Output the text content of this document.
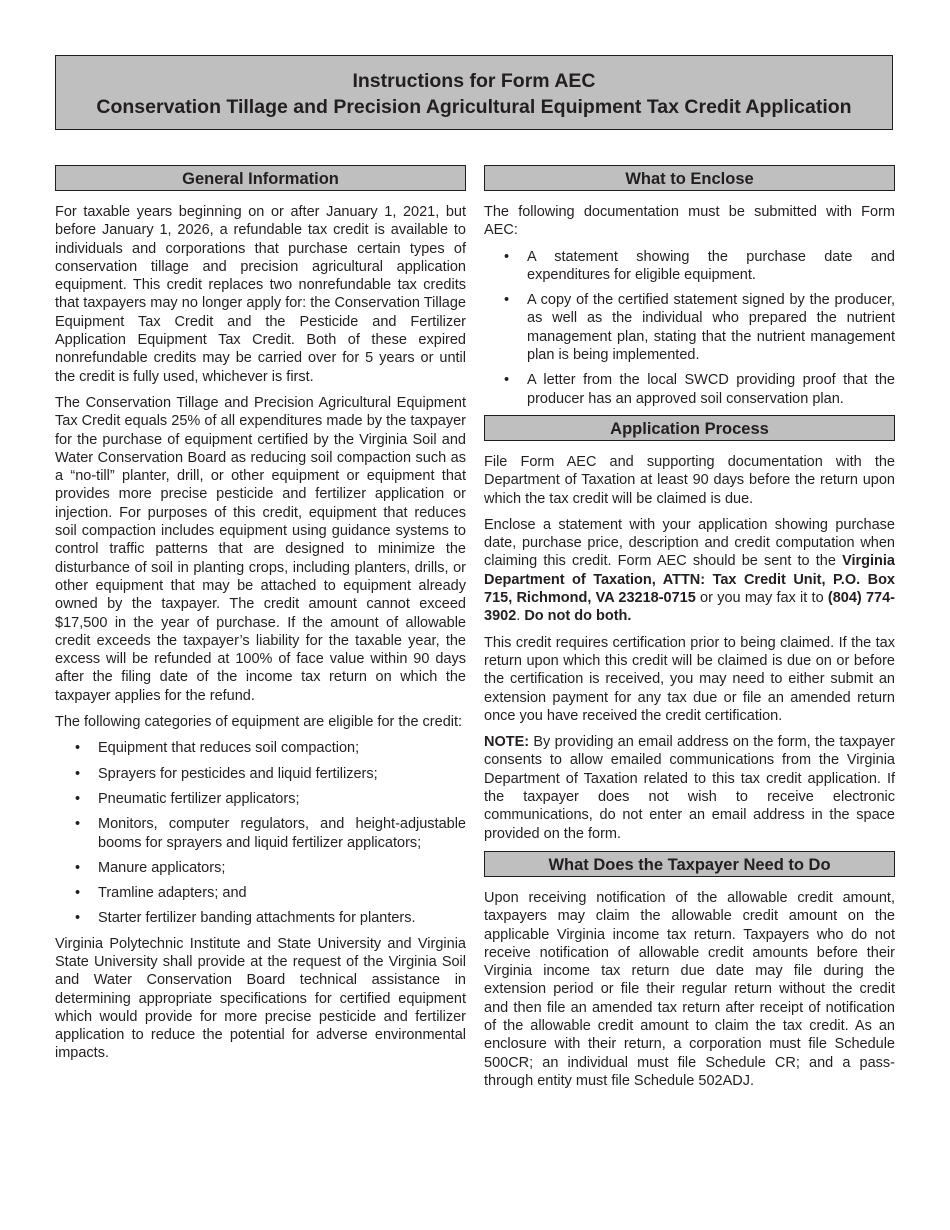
Instructions for Form AEC
Conservation Tillage and Precision Agricultural Equipment Tax Credit Application
General Information

For taxable years beginning on or after January 1, 2021, but before January 1, 2026, a refundable tax credit is available to individuals and corporations that purchase certain types of conservation tillage and precision agricultural application equipment. This credit replaces two nonrefundable tax credits that taxpayers may no longer apply for: the Conservation Tillage Equipment Tax Credit and the Pesticide and Fertilizer Application Equipment Tax Credit. Both of these expired nonrefundable credits may be carried over for 5 years or until the credit is fully used, whichever is first.

The Conservation Tillage and Precision Agricultural Equipment Tax Credit equals 25% of all expenditures made by the taxpayer for the purchase of equipment certified by the Virginia Soil and Water Conservation Board as reducing soil compaction such as a “no-till” planter, drill, or other equipment or equipment that provides more precise pesticide and fertilizer application or injection. For purposes of this credit, equipment that reduces soil compaction includes equipment using guidance systems to control traffic patterns that are designed to minimize the disturbance of soil in planting crops, including planters, drills, or other equipment that may be attached to equipment already owned by the taxpayer. The credit amount cannot exceed $17,500 in the year of purchase. If the amount of allowable credit exceeds the taxpayer’s liability for the taxable year, the excess will be refunded at 100% of face value within 90 days after the filing date of the income tax return on which the taxpayer applies for the refund.

The following categories of equipment are eligible for the credit:

• Equipment that reduces soil compaction;
• Sprayers for pesticides and liquid fertilizers;
• Pneumatic fertilizer applicators;
• Monitors, computer regulators, and height-adjustable booms for sprayers and liquid fertilizer applicators;
• Manure applicators;
• Tramline adapters; and
• Starter fertilizer banding attachments for planters.

Virginia Polytechnic Institute and State University and Virginia State University shall provide at the request of the Virginia Soil and Water Conservation Board technical assistance in determining appropriate specifications for certified equipment which would provide for more precise pesticide and fertilizer application to reduce the potential for adverse environmental impacts.

What to Enclose

The following documentation must be submitted with Form AEC:

• A statement showing the purchase date and expenditures for eligible equipment.
• A copy of the certified statement signed by the producer, as well as the individual who prepared the nutrient management plan, stating that the nutrient management plan is being implemented.
• A letter from the local SWCD providing proof that the producer has an approved soil conservation plan.
Application Process

File Form AEC and supporting documentation with the Department of Taxation at least 90 days before the return upon which the tax credit will be claimed is due.

Enclose a statement with your application showing purchase date, purchase price, description and credit computation when claiming this credit. Form AEC should be sent to the Virginia Department of Taxation, ATTN: Tax Credit Unit, P.O. Box 715, Richmond, VA 23218-0715 or you may fax it to (804) 774-3902. Do not do both.

This credit requires certification prior to being claimed. If the tax return upon which this credit will be claimed is due on or before the certification is received, you may need to either submit an extension payment for any tax due or file an amended return once you have received the credit certification.

NOTE: By providing an email address on the form, the taxpayer consents to allow emailed communications from the Virginia Department of Taxation related to this tax credit application. If the taxpayer does not wish to receive electronic communications, do not enter an email address in the space provided on the form.

What Does the Taxpayer Need to Do

Upon receiving notification of the allowable credit amount, taxpayers may claim the allowable credit amount on the applicable Virginia income tax return. Taxpayers who do not receive notification of allowable credit amounts before their Virginia income tax return due date may file during the extension period or file their regular return without the credit and then file an amended tax return after receipt of notification of the allowable credit amount to claim the tax credit. As an enclosure with their return, a corporation must file Schedule 500CR; an individual must file Schedule CR; and a pass-through entity must file Schedule 502ADJ.
